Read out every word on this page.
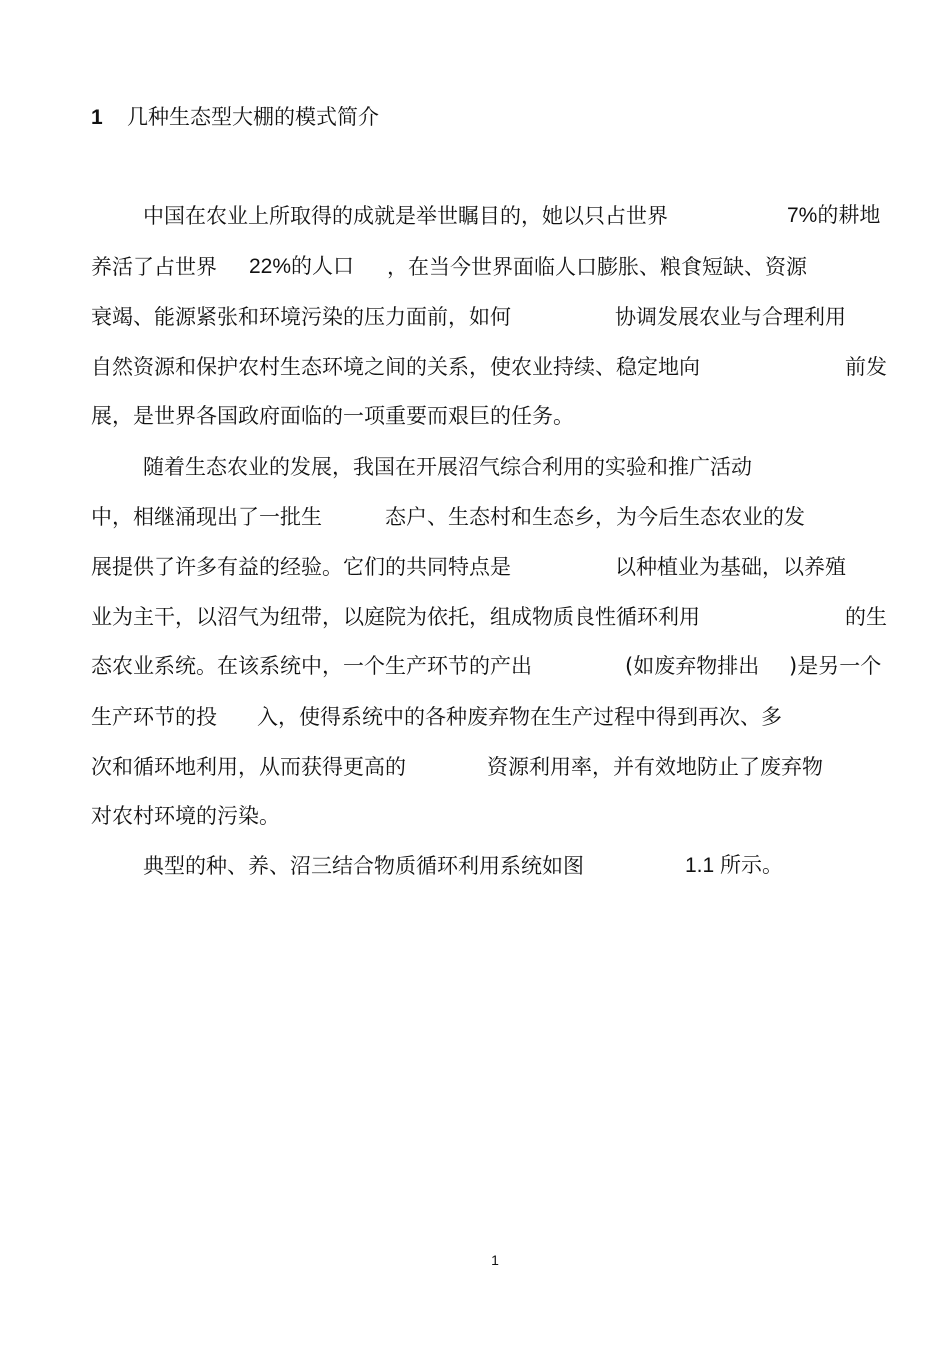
1 几种生态型大棚的模式简介
中国在农业上所取得的成就是举世瞩目的，她以只占世界	7%的耕地
养活了占世界 22%的人口 ，在当今世界面临人口膨胀、粮食短缺、资源
衰竭、能源紧张和环境污染的压力面前，如何	协调发展农业与合理利用
自然资源和保护农村生态环境之间的关系，使农业持续、稳定地向	前发
展，是世界各国政府面临的一项重要而艰巨的任务。
随着生态农业的发展，我国在开展沼气综合利用的实验和推广活动
中，相继涌现出了一批生	态户、生态村和生态乡，为今后生态农业的发
展提供了许多有益的经验。它们的共同特点是	以种植业为基础，以养殖
业为主干，以沼气为纽带，以庭院为依托，组成物质良性循环利用	的生
态农业系统。在该系统中，一个生产环节的产出	(如废弃物排出 )是另一个
生产环节的投 入，使得系统中的各种废弃物在生产过程中得到再次、多
次和循环地利用，从而获得更高的	资源利用率，并有效地防止了废弃物
对农村环境的污染。
典型的种、养、沼三结合物质循环利用系统如图	1.1 所示。
1
